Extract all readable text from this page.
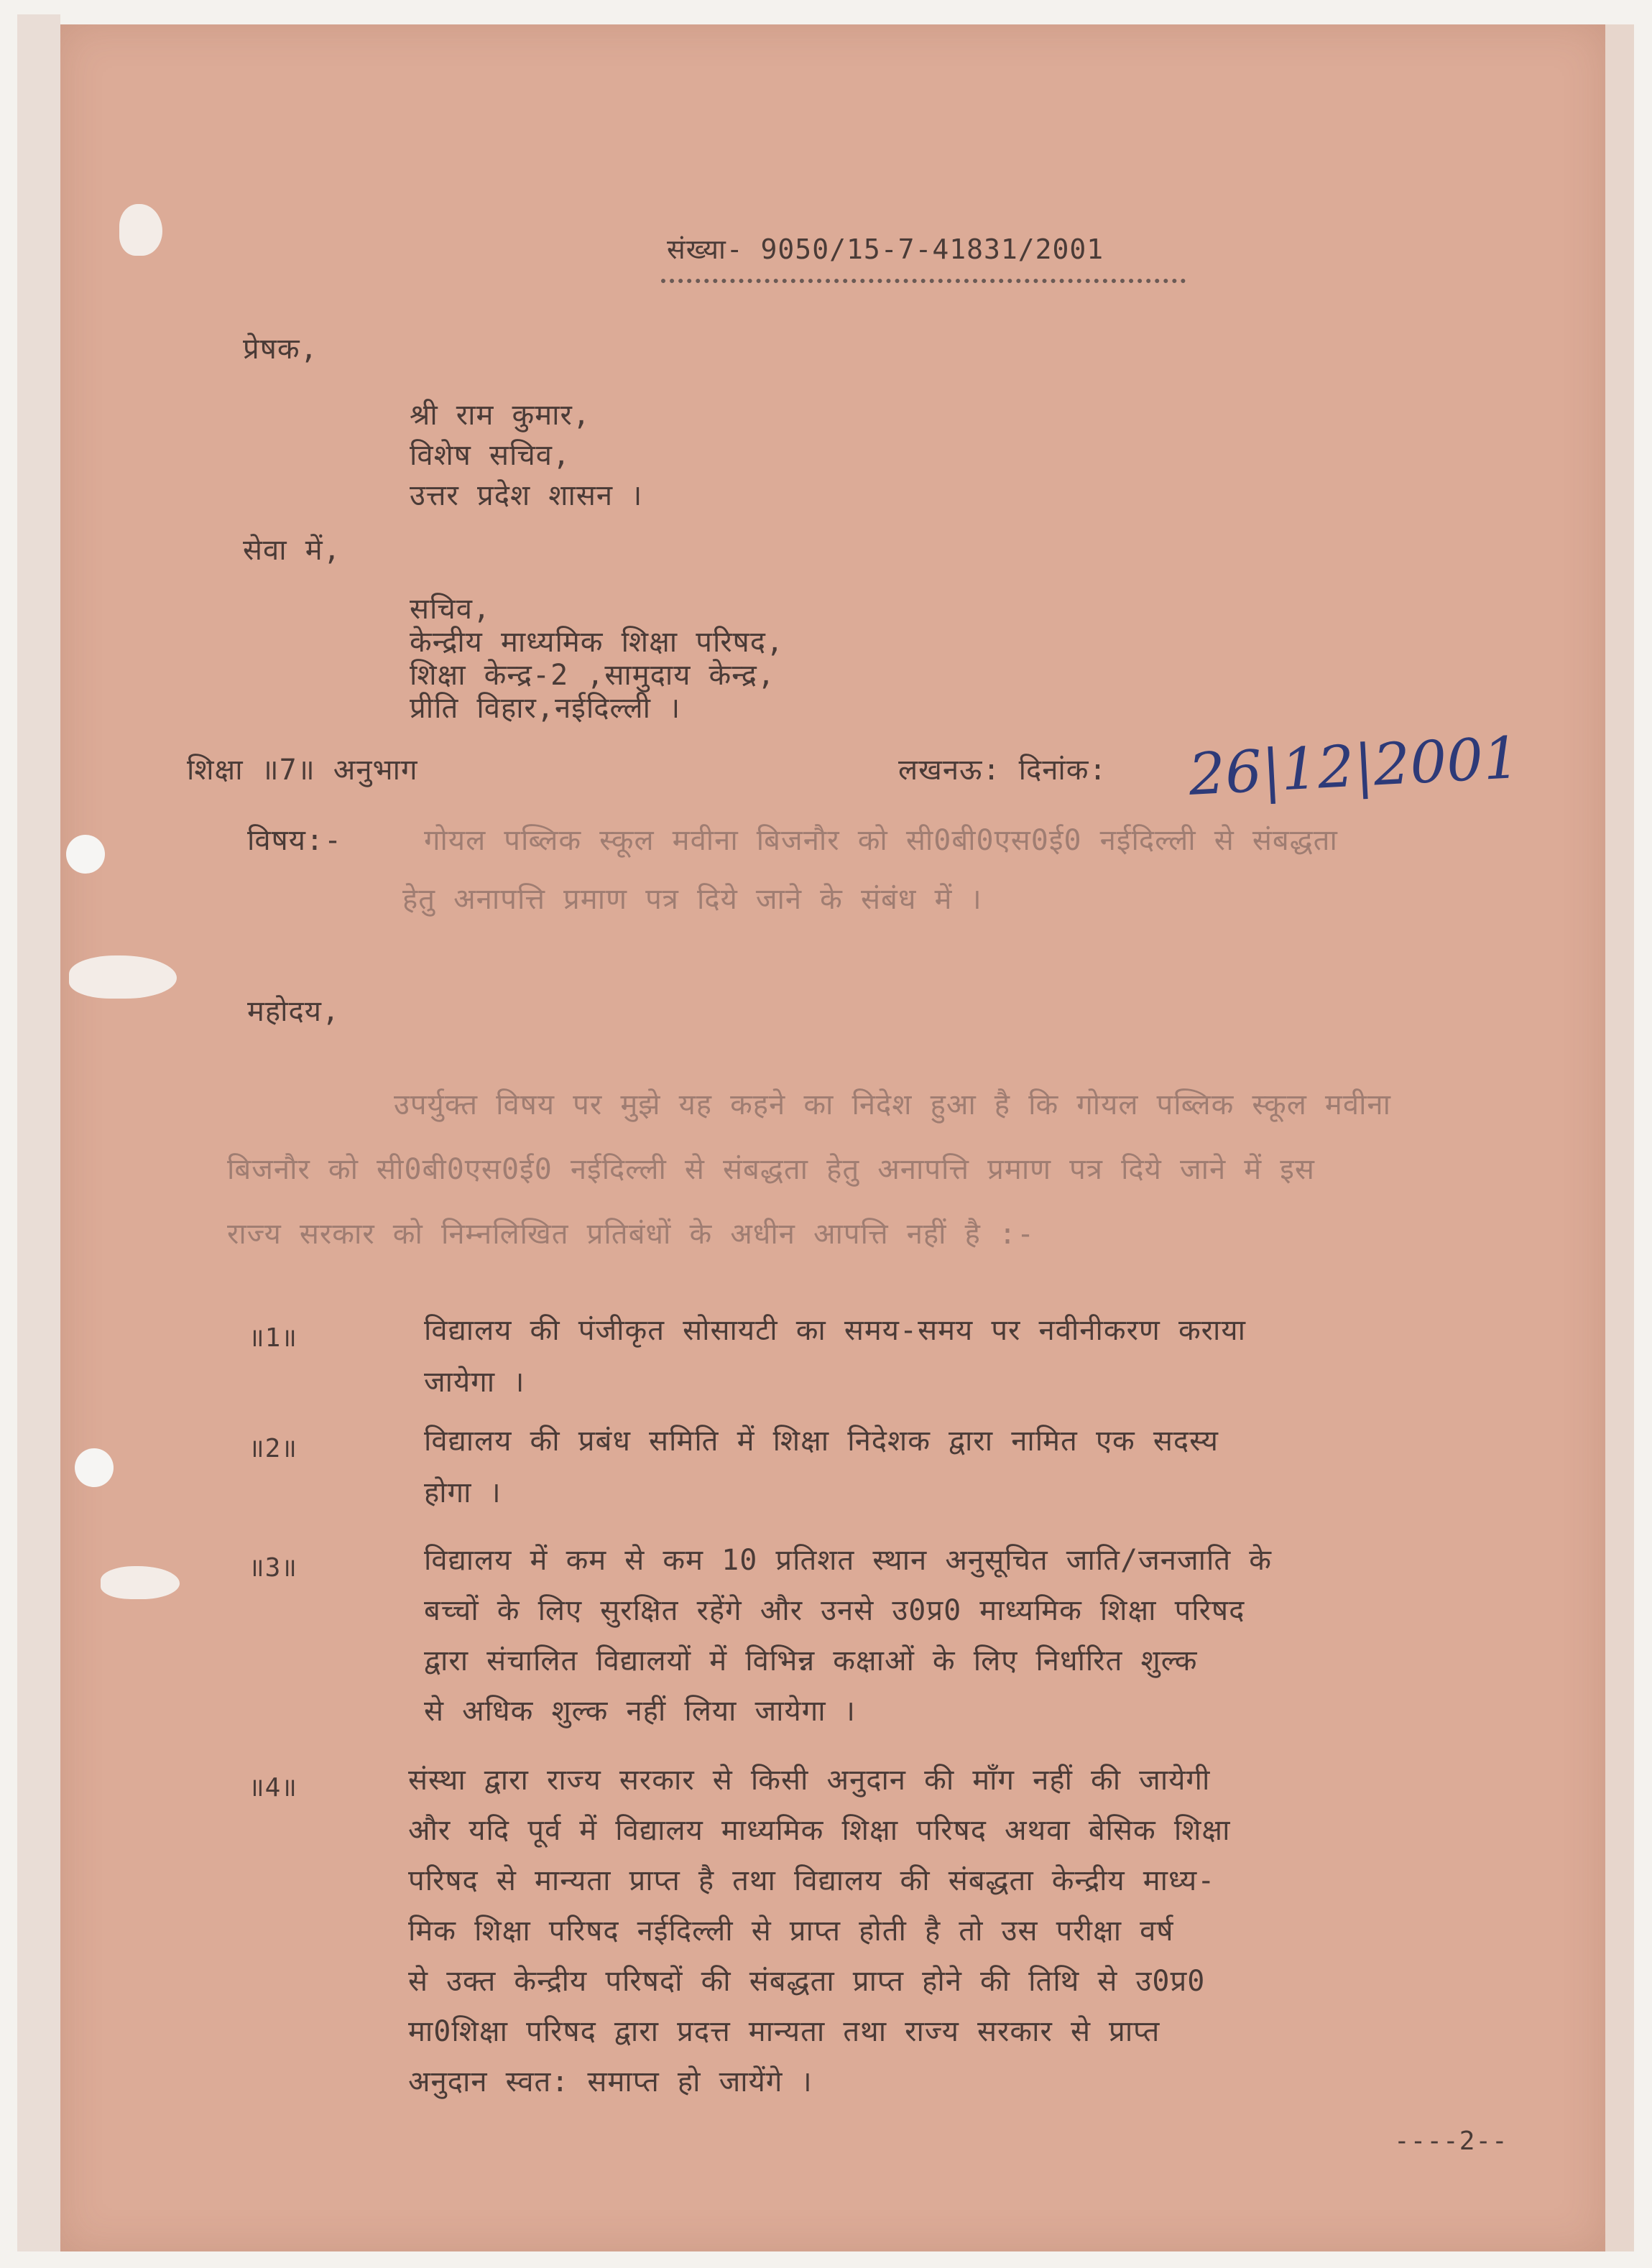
संख्या- 9050/15-7-41831/2001
प्रेषक,
श्री राम कुमार,
विशेष सचिव,
उत्तर प्रदेश शासन ।
सेवा में,
सचिव,
केन्द्रीय माध्यमिक शिक्षा परिषद,
शिक्षा केन्द्र-2 ,सामुदाय केन्द्र,
प्रीति विहार,नईदिल्ली ।
शिक्षा ॥7॥ अनुभाग	लखनऊ: दिनांक: 26|12|2001
विषय:-	गोयल पब्लिक स्कूल मवीना बिजनौर को सी0बी0एस0ई0 नईदिल्ली से संबद्धता
हेतु अनापत्ति प्रमाण पत्र दिये जाने के संबंध में ।
महोदय,
उपर्युक्त विषय पर मुझे यह कहने का निदेश हुआ है कि गोयल पब्लिक स्कूल मवीना
बिजनौर को सी0बी0एस0ई0 नईदिल्ली से संबद्धता हेतु अनापत्ति प्रमाण पत्र दिये जाने में इस
राज्य सरकार को निम्नलिखित प्रतिबंधों के अधीन आपत्ति नहीं है :-
॥1॥	विद्यालय की पंजीकृत सोसायटी का समय-समय पर नवीनीकरण कराया
जायेगा ।
॥2॥	विद्यालय की प्रबंध समिति में शिक्षा निदेशक द्वारा नामित एक सदस्य
होगा ।
॥3॥	विद्यालय में कम से कम 10 प्रतिशत स्थान अनुसूचित जाति/जनजाति के
बच्चों के लिए सुरक्षित रहेंगे और उनसे उ0प्र0 माध्यमिक शिक्षा परिषद
द्वारा संचालित विद्यालयों में विभिन्न कक्षाओं के लिए निर्धारित शुल्क
से अधिक शुल्क नहीं लिया जायेगा ।
॥4॥	संस्था द्वारा राज्य सरकार से किसी अनुदान की माँग नहीं की जायेगी
और यदि पूर्व में विद्यालय माध्यमिक शिक्षा परिषद अथवा बेसिक शिक्षा
परिषद से मान्यता प्राप्त है तथा विद्यालय की संबद्धता केन्द्रीय माध्य-
मिक शिक्षा परिषद नईदिल्ली से प्राप्त होती है तो उस परीक्षा वर्ष
से उक्त केन्द्रीय परिषदों की संबद्धता प्राप्त होने की तिथि से उ0प्र0
मा0शिक्षा परिषद द्वारा प्रदत्त मान्यता तथा राज्य सरकार से प्राप्त
अनुदान स्वत: समाप्त हो जायेंगे ।
----2--
